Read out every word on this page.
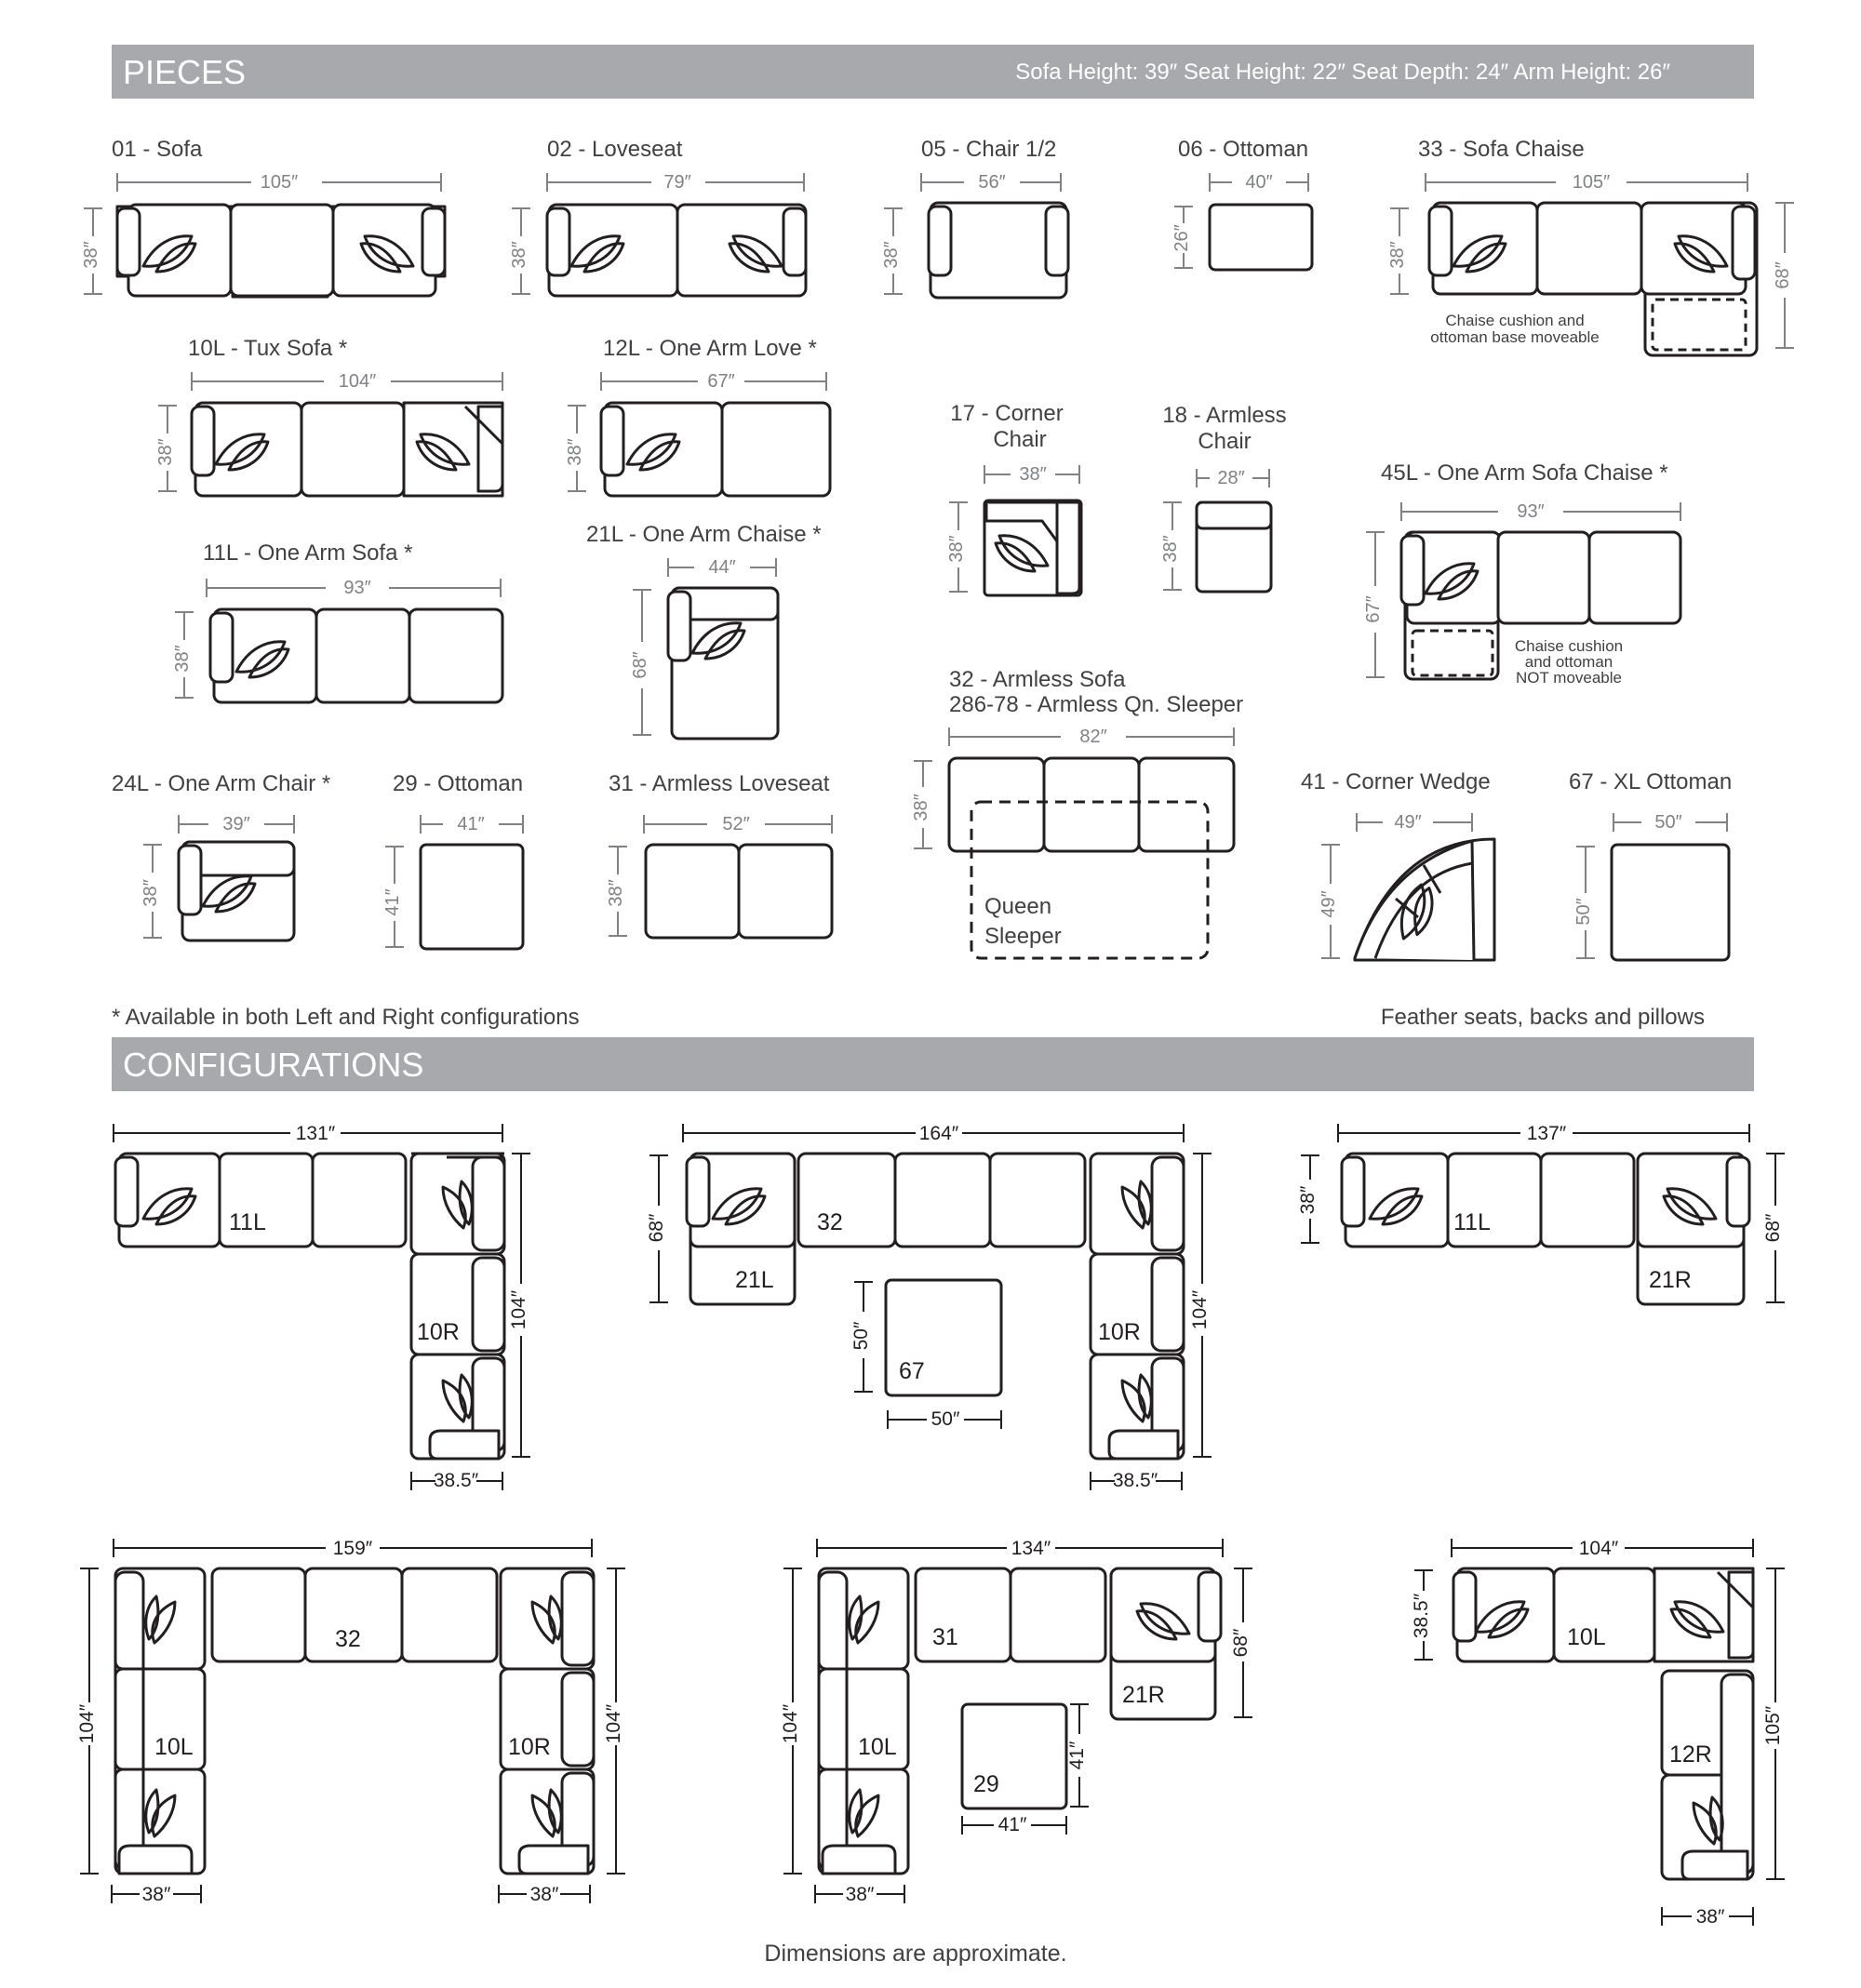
PIECES	Sofa Height: 39″ Seat Height: 22″ Seat Depth: 24″ Arm Height: 26″
CONFIGURATIONS
01 - Sofa
105″
38″
02 - Loveseat
79″
38″
05 - Chair 1/2
56″
38″
06 - Ottoman
40″
26″
33 - Sofa Chaise
105″
38″
68″
Chaise cushion and
ottoman base moveable
10L - Tux Sofa *
104″
38″
12L - One Arm Love *
67″
38″
17 - Corner
Chair
38″
38″
18 - Armless
Chair
28″
38″
45L - One Arm Sofa Chaise *
93″
67″
Chaise cushion
and ottoman
NOT moveable
11L - One Arm Sofa *
93″
38″
21L - One Arm Chaise *
44″
68″
32 - Armless Sofa
286-78 - Armless Qn. Sleeper
82″
38″
Queen
Sleeper
24L - One Arm Chair *
39″
38″
29 - Ottoman
41″
41″
31 - Armless Loveseat
52″
38″
41 - Corner Wedge
49″
49″
67 - XL Ottoman
50″
50″
* Available in both Left and Right configurations	Feather seats, backs and pillows
131″
104″
38.5″
11L
10R
164″
68″
104″
38.5″
50″
50″
21L
32
67
10R
137″
38″
68″
11L
21R
159″
104″	104″
38″	38″
32
10L	10R
134″
104″
68″
41″
41″
38″
31
21R
10L
29
104″
38.5″
105″
38″
10L
12R
Dimensions are approximate.
